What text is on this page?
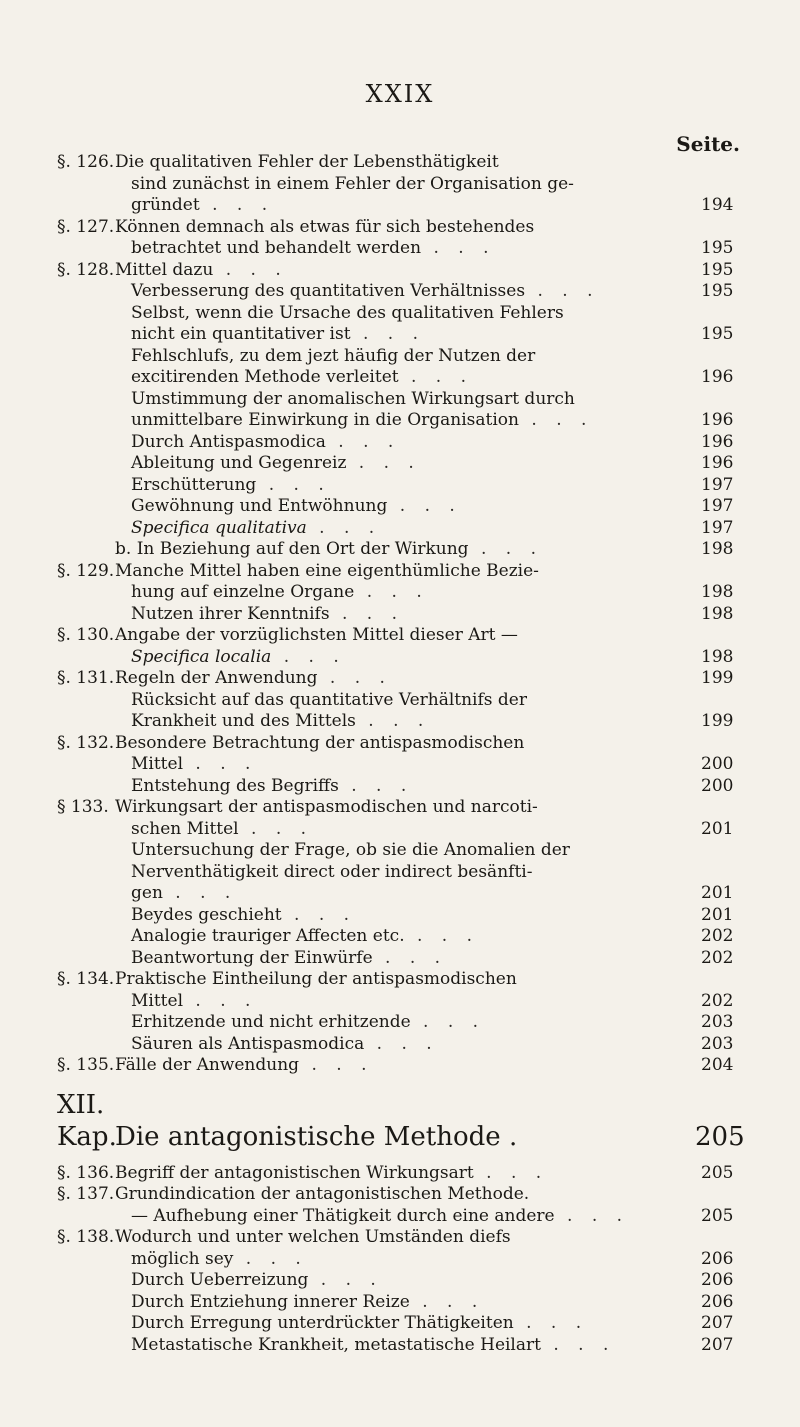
XXIX
Seite.
§. 126. Die qualitativen Fehler der Lebensthätigkeit
sind zunächst in einem Fehler der Organisation ge-
gründet . . .	194
§. 127. Können demnach als etwas für sich bestehendes
betrachtet und behandelt werden . . .	195
§. 128. Mittel dazu . . .	195
Verbesserung des quantitativen Verhältnisses . . .	195
Selbst, wenn die Ursache des qualitativen Fehlers
nicht ein quantitativer ist . . .	195
Fehlschlufs, zu dem jezt häufig der Nutzen der
excitirenden Methode verleitet . . .	196
Umstimmung der anomalischen Wirkungsart durch
unmittelbare Einwirkung in die Organisation . . .	196
Durch Antispasmodica . . .	196
Ableitung und Gegenreiz . . .	196
Erschütterung . . .	197
Gewöhnung und Entwöhnung . . .	197
Specifica qualitativa . . .	197
b. In Beziehung auf den Ort der Wirkung . . .	198
§. 129. Manche Mittel haben eine eigenthümliche Bezie-
hung auf einzelne Organe . . .	198
Nutzen ihrer Kenntnifs . . .	198
§. 130. Angabe der vorzüglichsten Mittel dieser Art —
Specifica localia . . .	198
§. 131. Regeln der Anwendung . . .	199
Rücksicht auf das quantitative Verhältnifs der
Krankheit und des Mittels . . .	199
§. 132. Besondere Betrachtung der antispasmodischen
Mittel . . .	200
Entstehung des Begriffs . . .	200
§ 133. Wirkungsart der antispasmodischen und narcoti-
schen Mittel . . .	201
Untersuchung der Frage, ob sie die Anomalien der
Nerventhätigkeit direct oder indirect besänfti-
gen . . .	201
Beydes geschieht . . .	201
Analogie trauriger Affecten etc. . . .	202
Beantwortung der Einwürfe . . .	202
§. 134. Praktische Eintheilung der antispasmodischen
Mittel . . .	202
Erhitzende und nicht erhitzende . . .	203
Säuren als Antispasmodica . . .	203
§. 135. Fälle der Anwendung . . .	204
XII. Kap.
Die antagonistische Methode .	205
§. 136. Begriff der antagonistischen Wirkungsart . . .	205
§. 137. Grundindication der antagonistischen Methode.
— Aufhebung einer Thätigkeit durch eine andere . . .	205
§. 138. Wodurch und unter welchen Umständen diefs
möglich sey . . .	206
Durch Ueberreizung . . .	206
Durch Entziehung innerer Reize . . .	206
Durch Erregung unterdrückter Thätigkeiten . . .	207
Metastatische Krankheit, metastatische Heilart . . .	207
